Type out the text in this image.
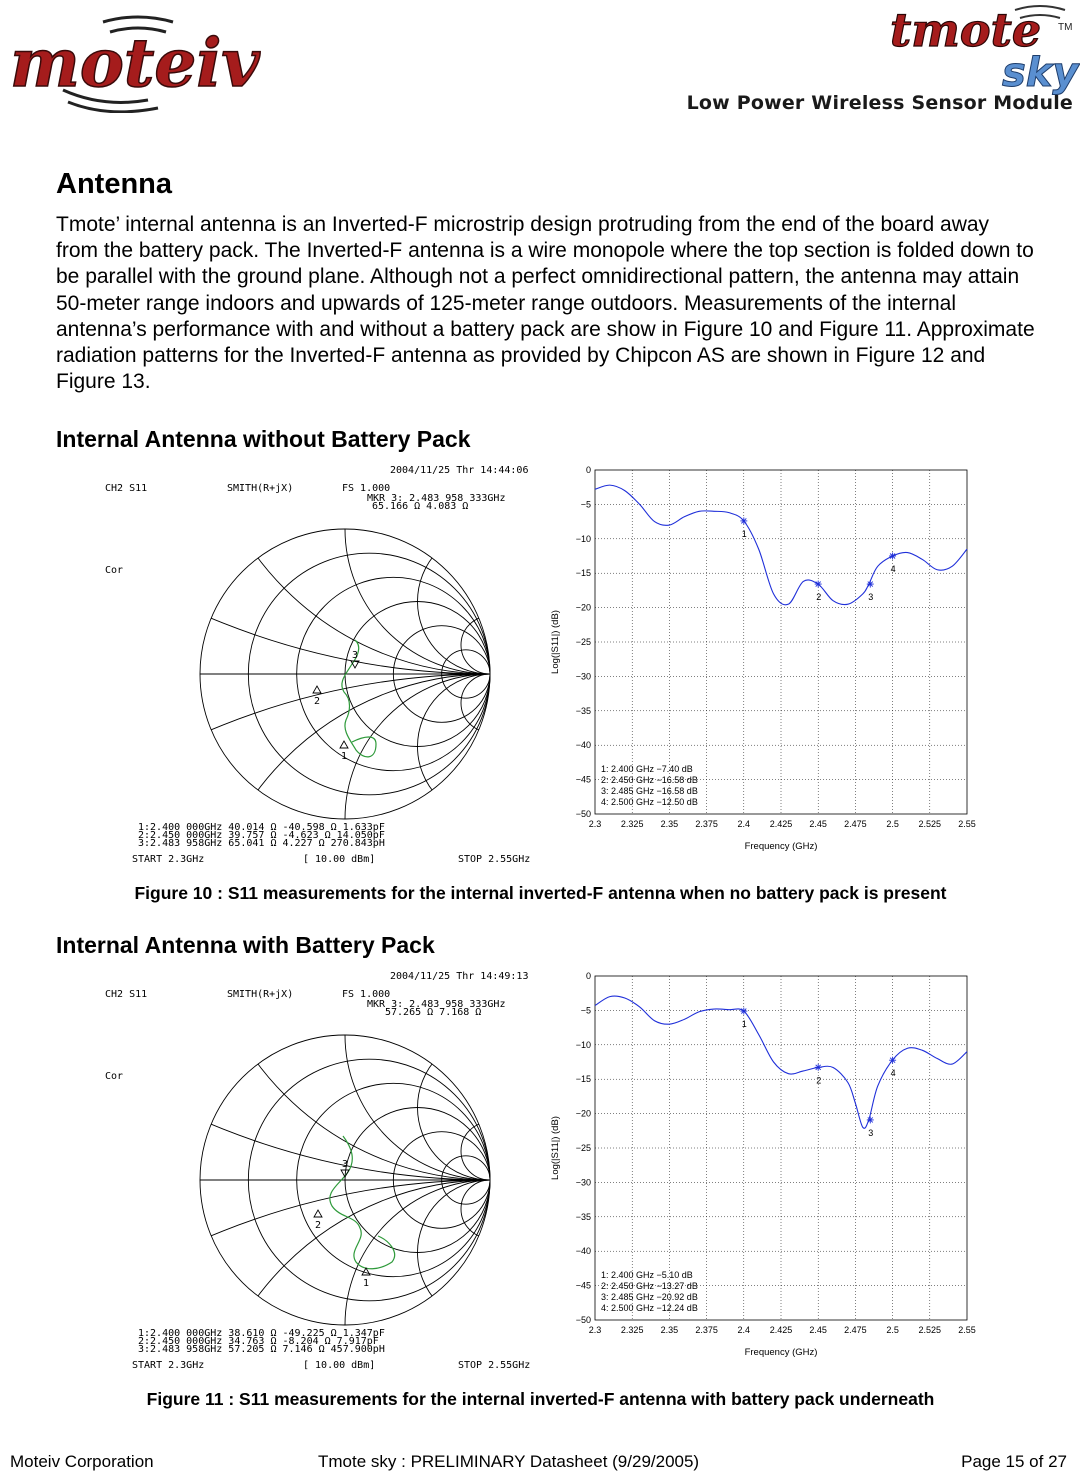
moteiv	tmote TM
sky
Low Power Wireless Sensor Module
Antenna
Tmote’ internal antenna is an Inverted-F microstrip design protruding from the end of the board away from the battery pack. The Inverted-F antenna is a wire monopole where the top section is folded down to be parallel with the ground plane. Although not a perfect omnidirectional pattern, the antenna may attain 50-meter range indoors and upwards of 125-meter range outdoors. Measurements of the internal antenna’s performance with and without a battery pack are show in Figure 10 and Figure 11. Approximate radiation patterns for the Inverted-F antenna as provided by Chipcon AS are shown in Figure 12 and Figure 13.
Internal Antenna without Battery Pack
2004/11/25 Thr 14:44:06
CH2 S11	SMITH(R+jX)	FS 1.000
MKR 3: 2.483 958 333GHz
65.166 Ω 4.083 Ω
Cor
1
2
3
1:2.400 000GHz 40.014 Ω -40.598 Ω 1.633pF
2:2.450 000GHz 39.757 Ω -4.623 Ω 14.050pF
3:2.483 958GHz 65.041 Ω 4.227 Ω 270.843pH
START 2.3GHz	[ 10.00 dBm]	STOP 2.55GHz
2.3 2.325 2.35 2.375 2.4 2.425 2.45 2.475 2.5 2.525 2.55
0
−5
−10
−15
−20
−25
−30
−35
−40
−45
−50
Frequency (GHz)
Log(|S11|) (dB)
1
2	3
4
1: 2.400 GHz −7.40 dB
2: 2.450 GHz −16.58 dB
3: 2.485 GHz −16.58 dB
4: 2.500 GHz −12.50 dB
Figure 10 : S11 measurements for the internal inverted-F antenna when no battery pack is present
Internal Antenna with Battery Pack
2004/11/25 Thr 14:49:13
CH2 S11	SMITH(R+jX)	FS 1.000
MKR 3: 2.483 958 333GHz
57.265 Ω 7.168 Ω
Cor
1
2
3
1:2.400 000GHz 38.610 Ω -49.225 Ω 1.347pF
2:2.450 000GHz 34.763 Ω -8.204 Ω 7.917pF
3:2.483 958GHz 57.205 Ω 7.146 Ω 457.900pH
START 2.3GHz	[ 10.00 dBm]	STOP 2.55GHz
2.3 2.325 2.35 2.375 2.4 2.425 2.45 2.475 2.5 2.525 2.55
0
−5
−10
−15
−20
−25
−30
−35
−40
−45
−50
Frequency (GHz)
Log(|S11|) (dB)
1
2
3
4
1: 2.400 GHz −5.10 dB
2: 2.450 GHz −13.27 dB
3: 2.485 GHz −20.92 dB
4: 2.500 GHz −12.24 dB
Figure 11 : S11 measurements for the internal inverted-F antenna with battery pack underneath
Moteiv Corporation	Tmote sky : PRELIMINARY Datasheet (9/29/2005)	Page 15 of 27
